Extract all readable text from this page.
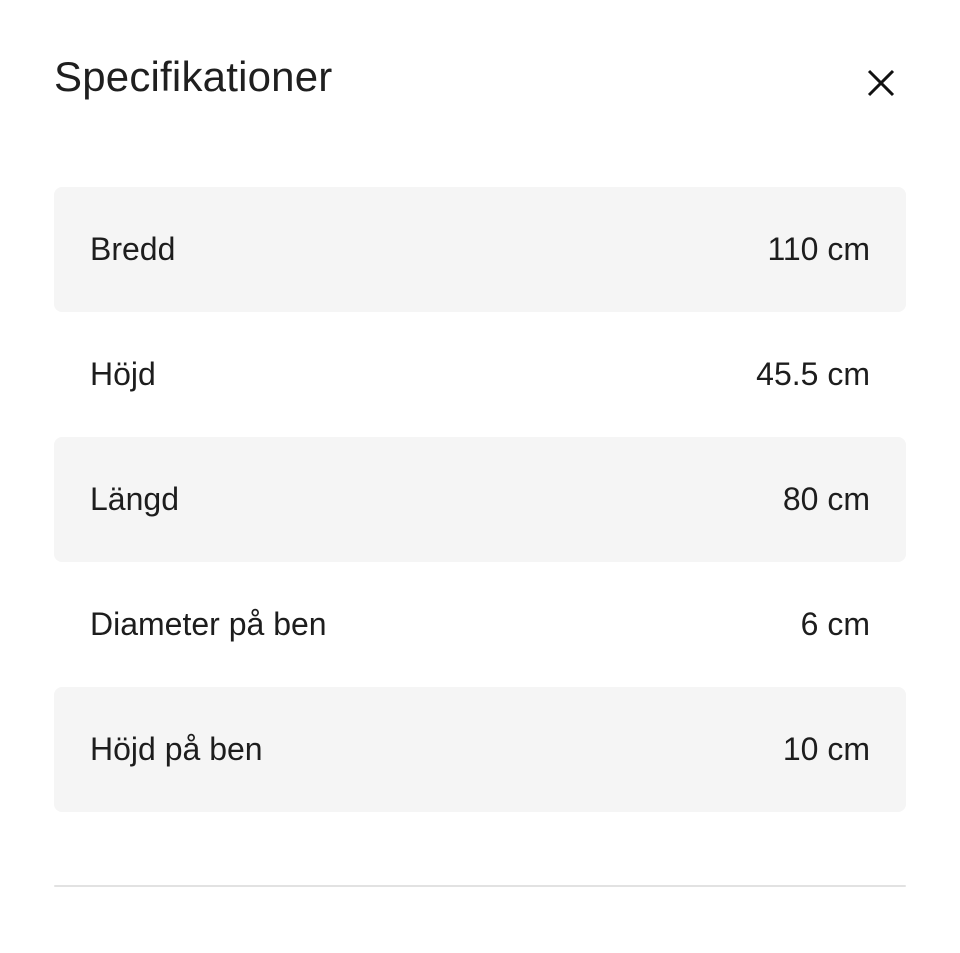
Specifikationer
Bredd	110 cm
Höjd	45.5 cm
Längd	80 cm
Diameter på ben	6 cm
Höjd på ben	10 cm
